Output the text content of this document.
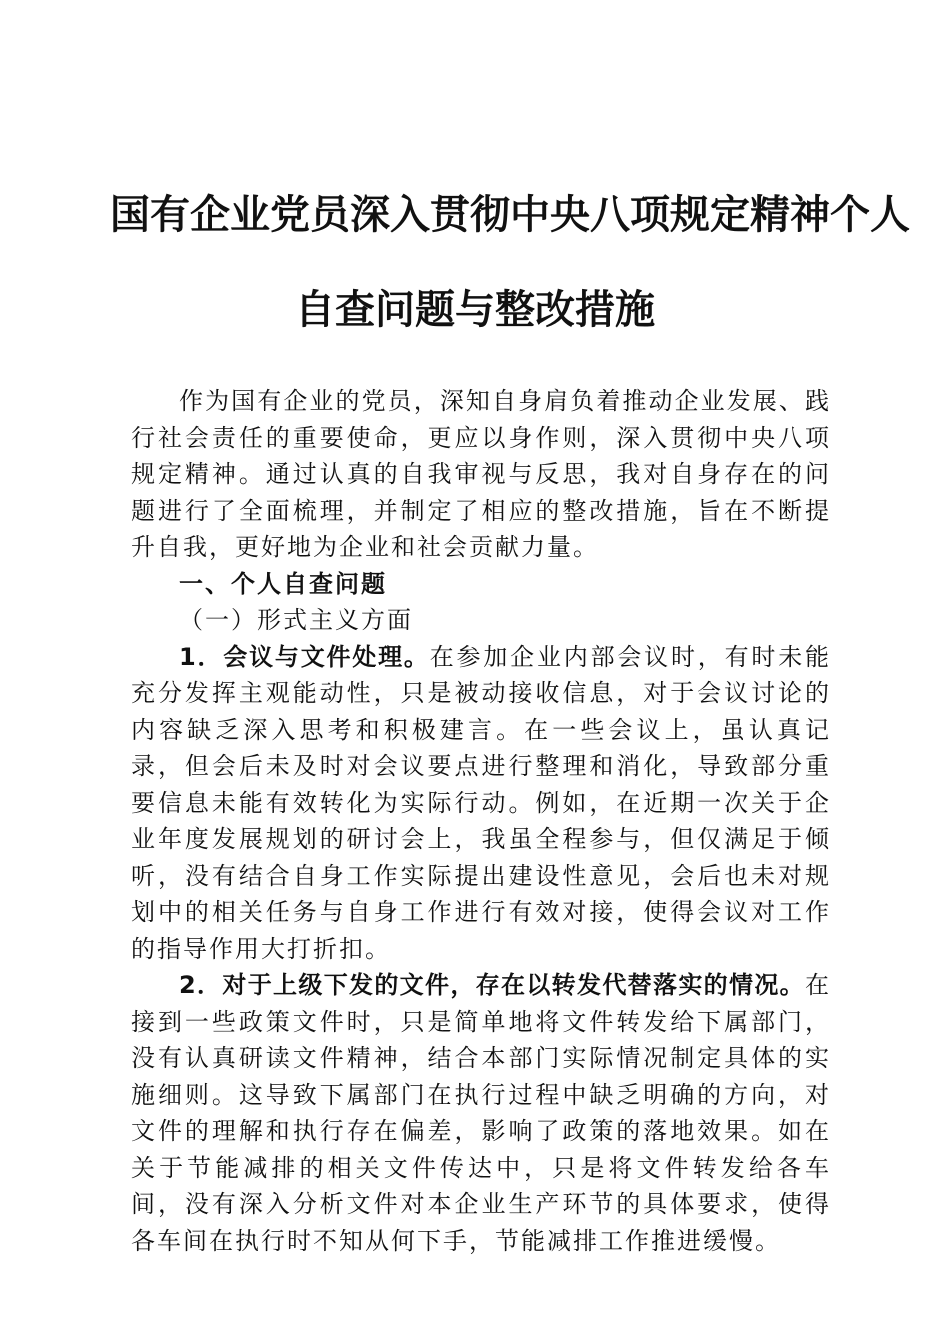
国有企业党员深入贯彻中央八项规定精神个人
自查问题与整改措施

作为国有企业的党员，深知自身肩负着推动企业发展、践行社会责任的重要使命，更应以身作则，深入贯彻中央八项规定精神。通过认真的自我审视与反思，我对自身存在的问题进行了全面梳理，并制定了相应的整改措施，旨在不断提升自我，更好地为企业和社会贡献力量。

一、个人自查问题

（一）形式主义方面

1．会议与文件处理。在参加企业内部会议时，有时未能充分发挥主观能动性，只是被动接收信息，对于会议讨论的内容缺乏深入思考和积极建言。在一些会议上，虽认真记录，但会后未及时对会议要点进行整理和消化，导致部分重要信息未能有效转化为实际行动。例如，在近期一次关于企业年度发展规划的研讨会上，我虽全程参与，但仅满足于倾听，没有结合自身工作实际提出建设性意见，会后也未对规划中的相关任务与自身工作进行有效对接，使得会议对工作的指导作用大打折扣。

2．对于上级下发的文件，存在以转发代替落实的情况。在接到一些政策文件时，只是简单地将文件转发给下属部门，没有认真研读文件精神，结合本部门实际情况制定具体的实施细则。这导致下属部门在执行过程中缺乏明确的方向，对文件的理解和执行存在偏差，影响了政策的落地效果。如在关于节能减排的相关文件传达中，只是将文件转发给各车间，没有深入分析文件对本企业生产环节的具体要求，使得各车间在执行时不知从何下手，节能减排工作推进缓慢。
